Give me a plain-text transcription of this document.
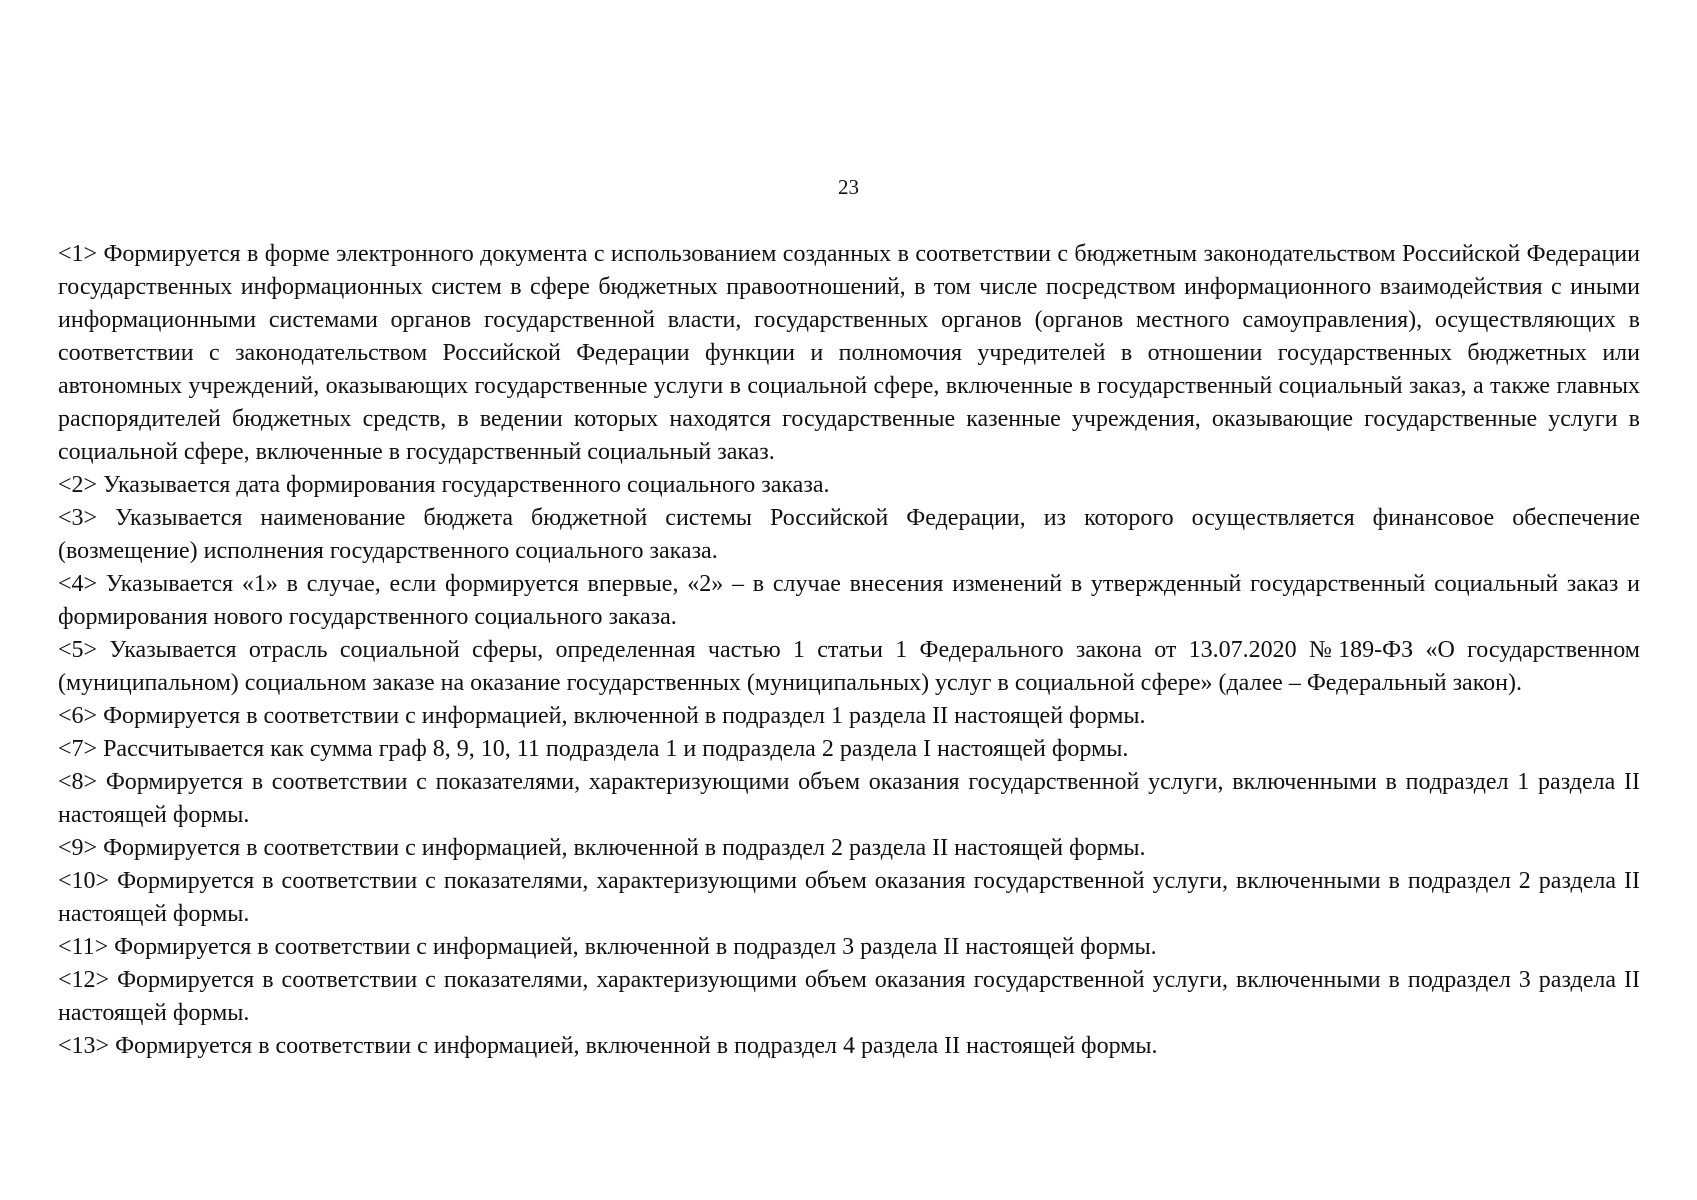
23

<1> Формируется в форме электронного документа с использованием созданных в соответствии с бюджетным законодательством Российской Федерации государственных информационных систем в сфере бюджетных правоотношений, в том числе посредством информационного взаимодействия с иными информационными системами органов государственной власти, государственных органов (органов местного самоуправления), осуществляющих в соответствии с законодательством Российской Федерации функции и полномочия учредителей в отношении государственных бюджетных или автономных учреждений, оказывающих государственные услуги в социальной сфере, включенные в государственный социальный заказ, а также главных распорядителей бюджетных средств, в ведении которых находятся государственные казенные учреждения, оказывающие государственные услуги в социальной сфере, включенные в государственный социальный заказ.

<2> Указывается дата формирования государственного социального заказа.

<3> Указывается наименование бюджета бюджетной системы Российской Федерации, из которого осуществляется финансовое обеспечение (возмещение) исполнения государственного социального заказа.

<4> Указывается «1» в случае, если формируется впервые, «2» – в случае внесения изменений в утвержденный государственный социальный заказ и формирования нового государственного социального заказа.

<5> Указывается отрасль социальной сферы, определенная частью 1 статьи 1 Федерального закона от 13.07.2020 №189-ФЗ «О государственном (муниципальном) социальном заказе на оказание государственных (муниципальных) услуг в социальной сфере» (далее – Федеральный закон).

<6> Формируется в соответствии с информацией, включенной в подраздел 1 раздела II настоящей формы.

<7> Рассчитывается как сумма граф 8, 9, 10, 11 подраздела 1 и подраздела 2 раздела I настоящей формы.

<8> Формируется в соответствии с показателями, характеризующими объем оказания государственной услуги, включенными в подраздел 1 раздела II настоящей формы.

<9> Формируется в соответствии с информацией, включенной в подраздел 2 раздела II настоящей формы.

<10> Формируется в соответствии с показателями, характеризующими объем оказания государственной услуги, включенными в подраздел 2 раздела II настоящей формы.

<11> Формируется в соответствии с информацией, включенной в подраздел 3 раздела II настоящей формы.

<12> Формируется в соответствии с показателями, характеризующими объем оказания государственной услуги, включенными в подраздел 3 раздела II настоящей формы.

<13> Формируется в соответствии с информацией, включенной в подраздел 4 раздела II настоящей формы.
